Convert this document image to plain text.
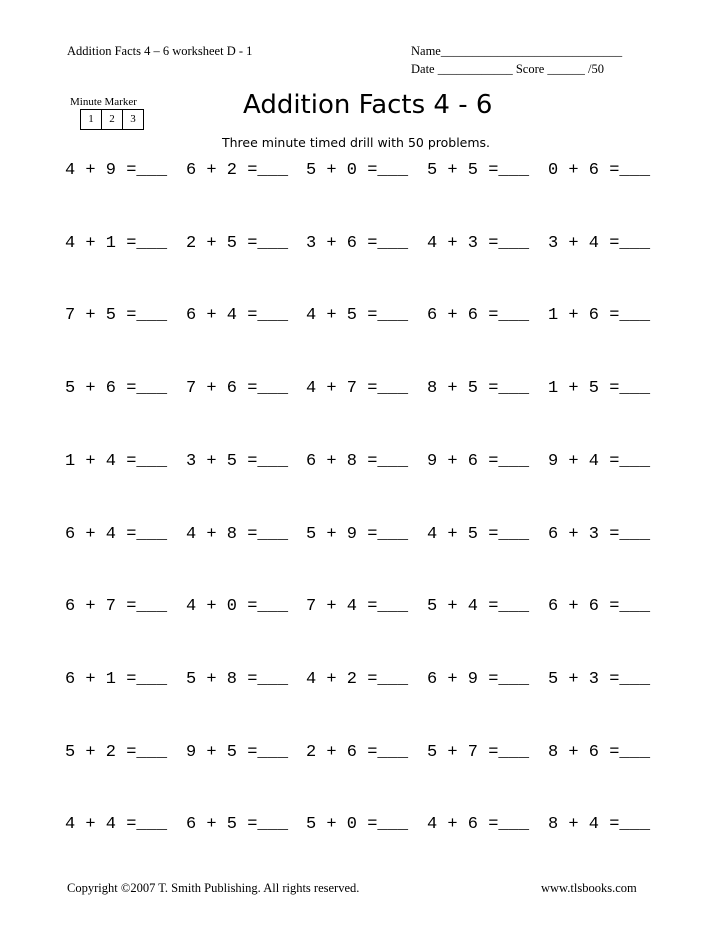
Addition Facts 4 – 6 worksheet D - 1	Name_____________________________
Date ____________ Score ______ /50
Minute Marker
1	2	3	Addition Facts 4 - 6
Three minute timed drill with 50 problems.
4 + 9 =___ 6 + 2 =___ 5 + 0 =___ 5 + 5 =___ 0 + 6 =___
4 + 1 =___ 2 + 5 =___ 3 + 6 =___ 4 + 3 =___ 3 + 4 =___
7 + 5 =___ 6 + 4 =___ 4 + 5 =___ 6 + 6 =___ 1 + 6 =___
5 + 6 =___ 7 + 6 =___ 4 + 7 =___ 8 + 5 =___ 1 + 5 =___
1 + 4 =___ 3 + 5 =___ 6 + 8 =___ 9 + 6 =___ 9 + 4 =___
6 + 4 =___ 4 + 8 =___ 5 + 9 =___ 4 + 5 =___ 6 + 3 =___
6 + 7 =___ 4 + 0 =___ 7 + 4 =___ 5 + 4 =___ 6 + 6 =___
6 + 1 =___ 5 + 8 =___ 4 + 2 =___ 6 + 9 =___ 5 + 3 =___
5 + 2 =___ 9 + 5 =___ 2 + 6 =___ 5 + 7 =___ 8 + 6 =___
4 + 4 =___ 6 + 5 =___ 5 + 0 =___ 4 + 6 =___ 8 + 4 =___
Copyright ©2007 T. Smith Publishing. All rights reserved.	www.tlsbooks.com
